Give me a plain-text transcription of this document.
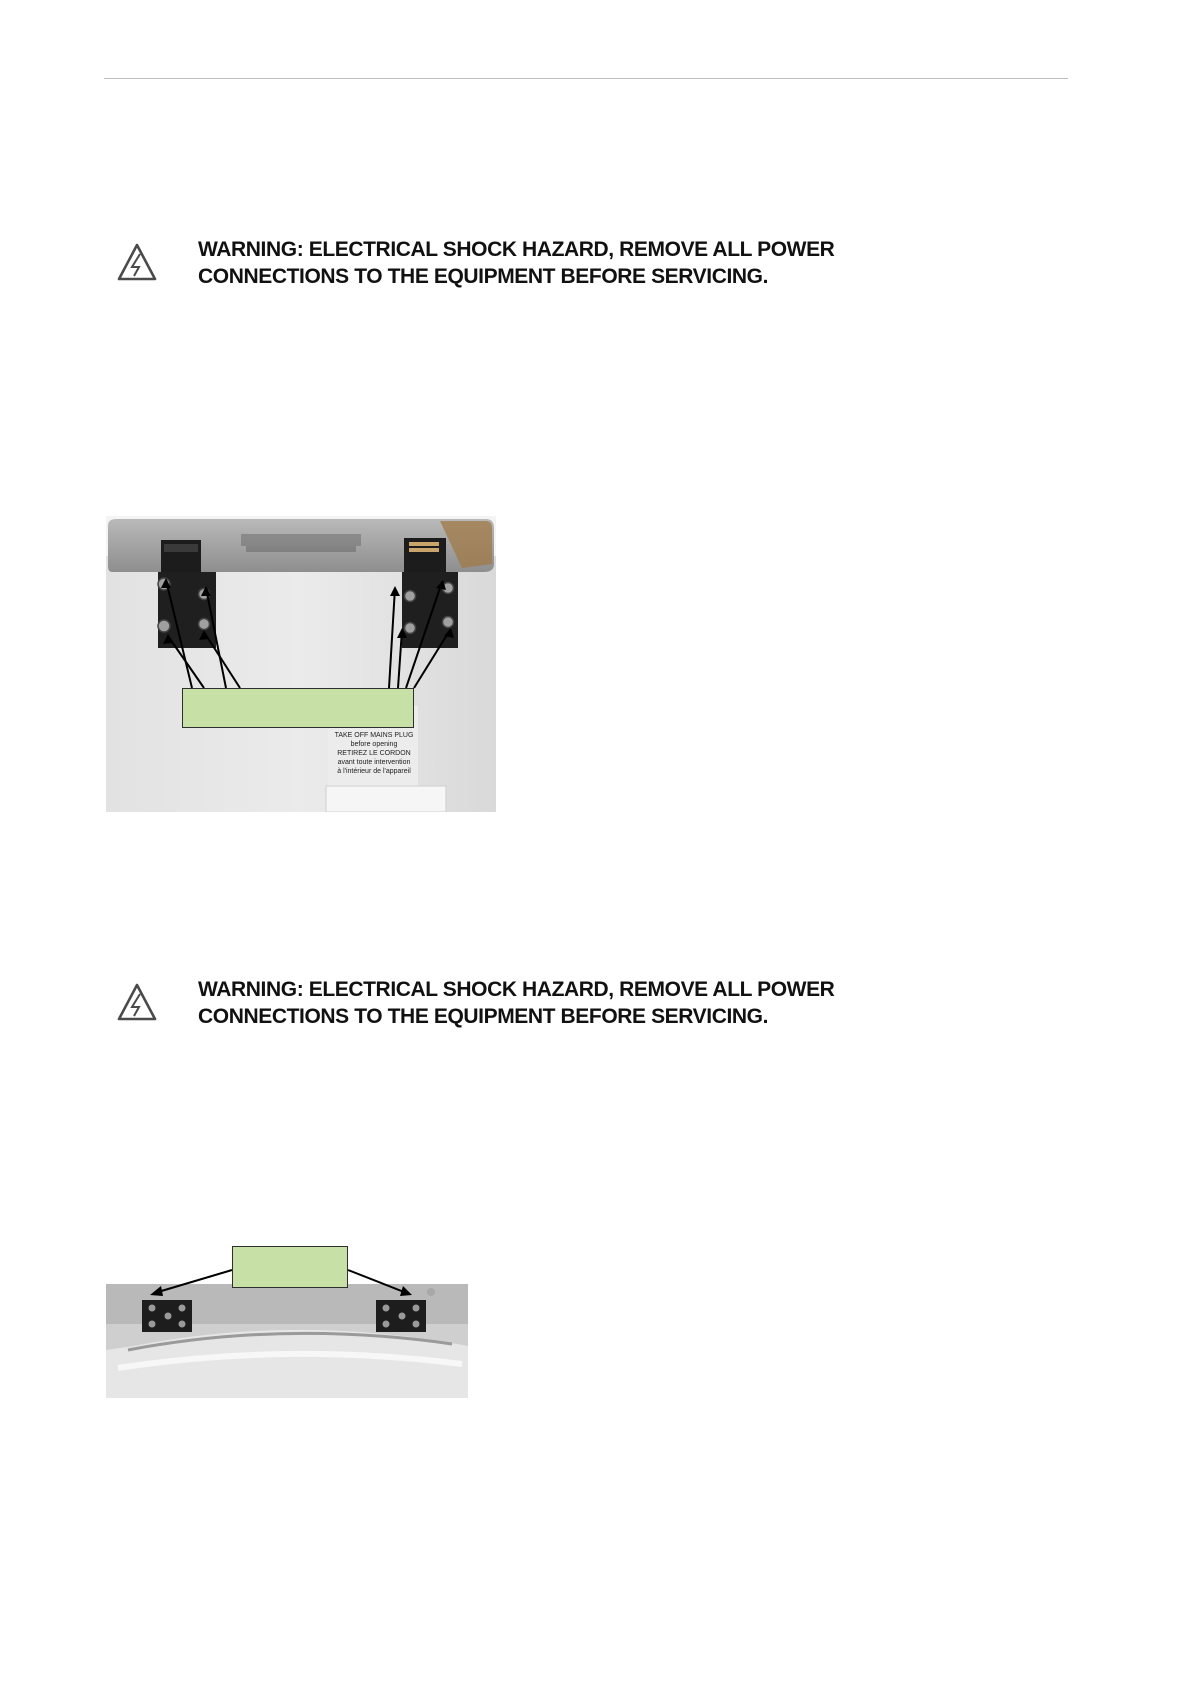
WARNING: ELECTRICAL SHOCK HAZARD, REMOVE ALL POWER
CONNECTIONS TO THE EQUIPMENT BEFORE SERVICING.

TAKE OFF MAINS PLUG
before opening
RETIREZ LE CORDON
avant toute intervention
à l'intérieur de l'appareil

WARNING: ELECTRICAL SHOCK HAZARD, REMOVE ALL POWER
CONNECTIONS TO THE EQUIPMENT BEFORE SERVICING.
